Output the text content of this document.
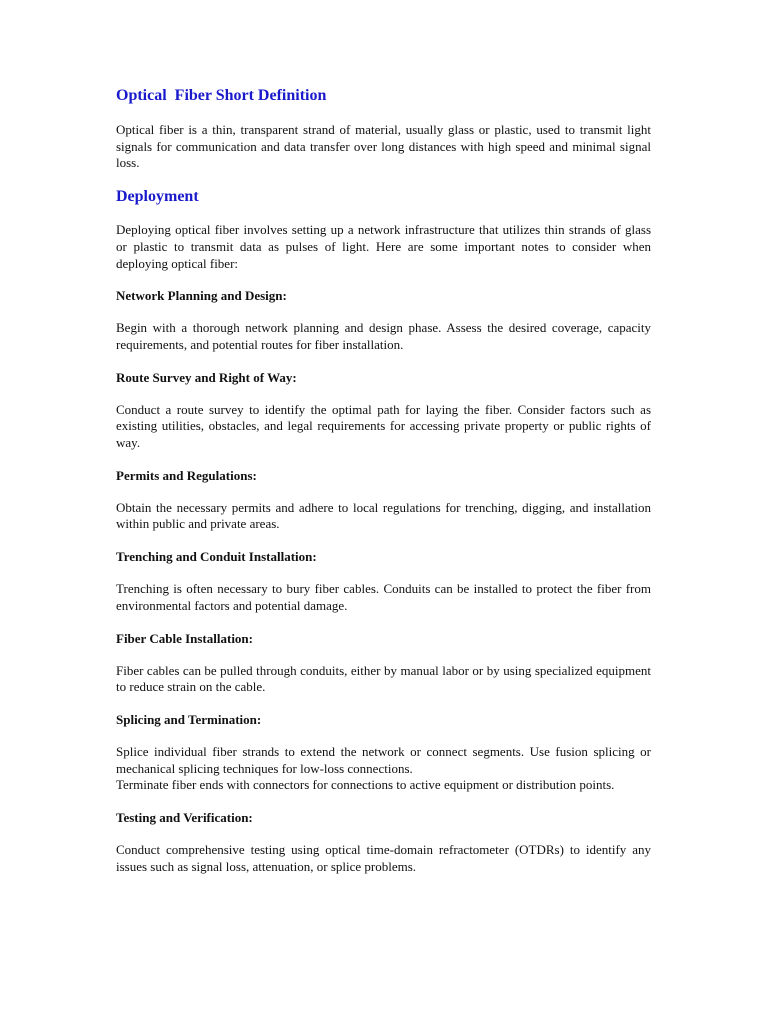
Optical  Fiber Short Definition

Optical fiber is a thin, transparent strand of material, usually glass or plastic, used to transmit light signals for communication and data transfer over long distances with high speed and minimal signal loss.

Deployment

Deploying optical fiber involves setting up a network infrastructure that utilizes thin strands of glass or plastic to transmit data as pulses of light. Here are some important notes to consider when deploying optical fiber:

Network Planning and Design:

Begin with a thorough network planning and design phase. Assess the desired coverage, capacity requirements, and potential routes for fiber installation.

Route Survey and Right of Way:

Conduct a route survey to identify the optimal path for laying the fiber. Consider factors such as existing utilities, obstacles, and legal requirements for accessing private property or public rights of way.

Permits and Regulations:

Obtain the necessary permits and adhere to local regulations for trenching, digging, and installation within public and private areas.

Trenching and Conduit Installation:

Trenching is often necessary to bury fiber cables. Conduits can be installed to protect the fiber from environmental factors and potential damage.

Fiber Cable Installation:

Fiber cables can be pulled through conduits, either by manual labor or by using specialized equipment to reduce strain on the cable.

Splicing and Termination:

Splice individual fiber strands to extend the network or connect segments. Use fusion splicing or mechanical splicing techniques for low-loss connections.

Terminate fiber ends with connectors for connections to active equipment or distribution points.

Testing and Verification:

Conduct comprehensive testing using optical time-domain refractometer (OTDRs) to identify any issues such as signal loss, attenuation, or splice problems.
